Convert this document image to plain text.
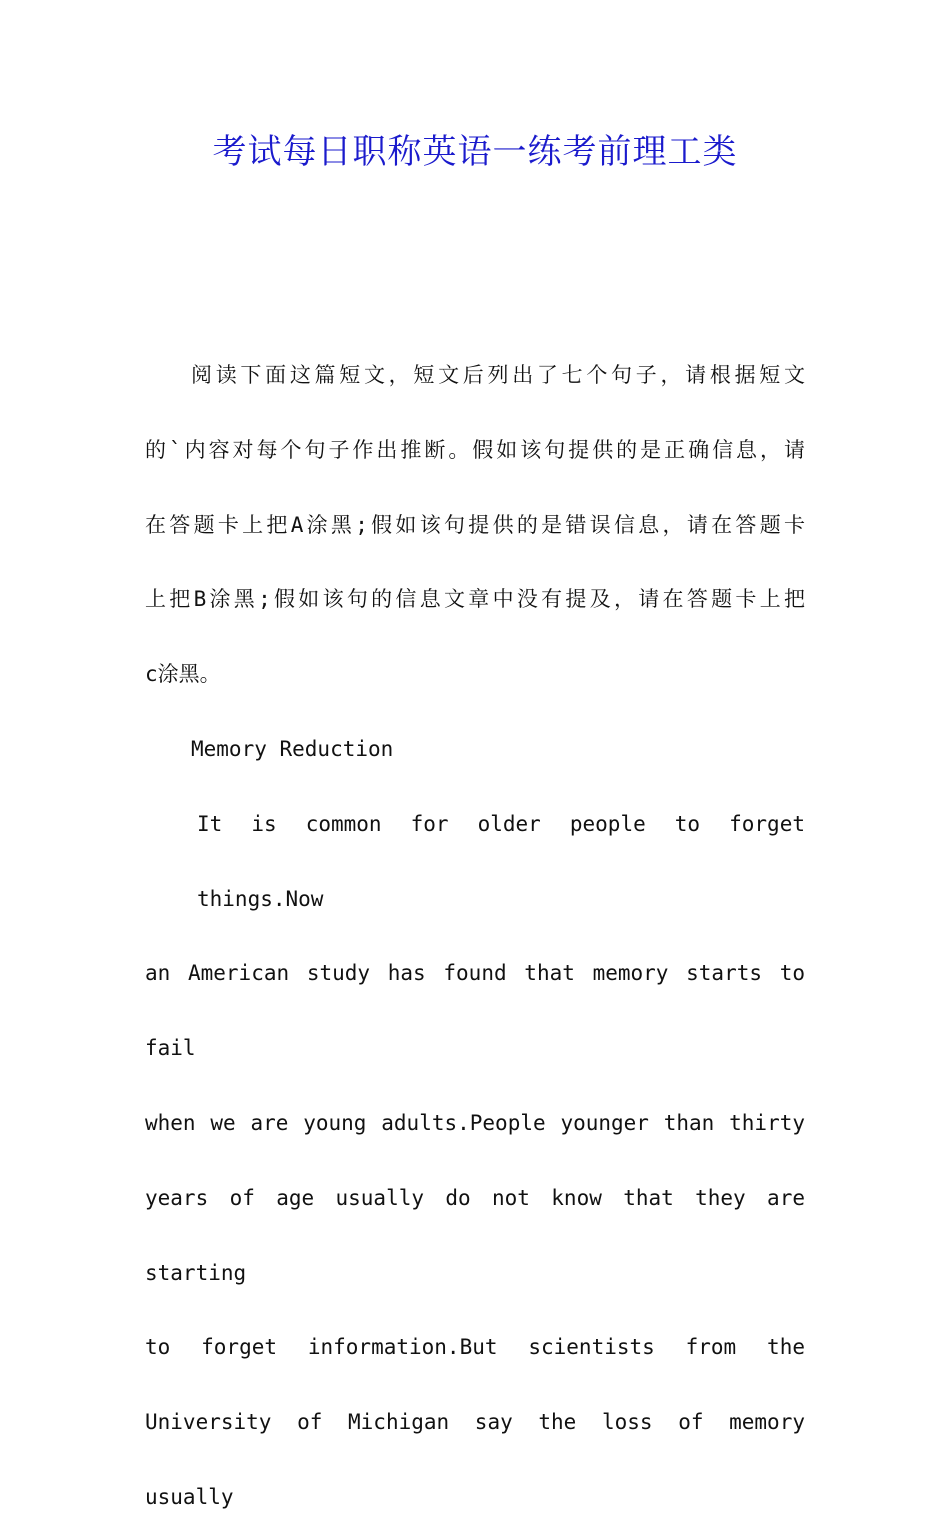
考试每日职称英语一练考前理工类
阅读下面这篇短文，短文后列出了七个句子，请根据短文
的`内容对每个句子作出推断。假如该句提供的是正确信息，请
在答题卡上把A涂黑;假如该句提供的是错误信息，请在答题卡
上把B涂黑;假如该句的信息文章中没有提及，请在答题卡上把
c涂黑。
Memory Reduction
It is common for older people to forget things.Now
an American study has found that memory starts to fail
when we are young adults.People younger than thirty
years of age usually do not know that they are starting
to forget information.But scientists from the
University of Michigan say the loss of memory usually
